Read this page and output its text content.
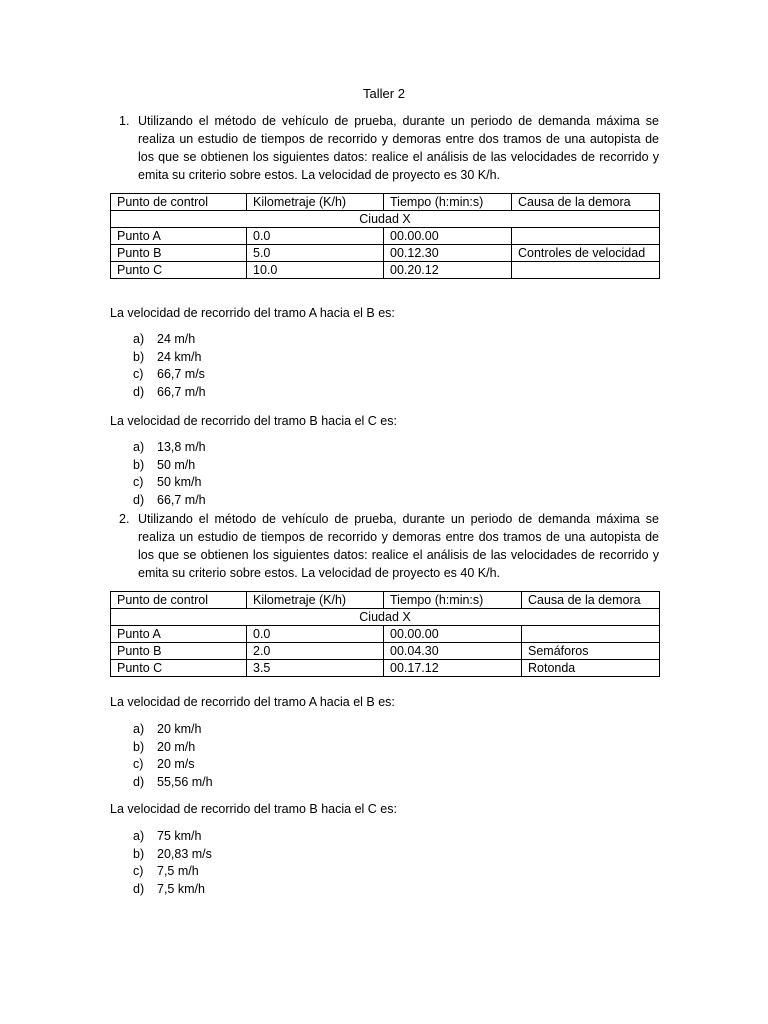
Taller 2
1. Utilizando el método de vehículo de prueba, durante un periodo de demanda máxima se realiza un estudio de tiempos de recorrido y demoras entre dos tramos de una autopista de los que se obtienen los siguientes datos: realice el análisis de las velocidades de recorrido y emita su criterio sobre estos. La velocidad de proyecto es 30 K/h.
Punto de control	Kilometraje (K/h)	Tiempo (h:min:s)	Causa de la demora
Ciudad X			
Punto A	0.0	00.00.00	
Punto B	5.0	00.12.30	Controles de velocidad
Punto C	10.0	00.20.12	
La velocidad de recorrido del tramo A hacia el B es:
a) 24 m/h
b) 24 km/h
c) 66,7 m/s
d) 66,7 m/h
La velocidad de recorrido del tramo B hacia el C es:
a) 13,8 m/h
b) 50 m/h
c) 50 km/h
d) 66,7 m/h
2. Utilizando el método de vehículo de prueba, durante un periodo de demanda máxima se realiza un estudio de tiempos de recorrido y demoras entre dos tramos de una autopista de los que se obtienen los siguientes datos: realice el análisis de las velocidades de recorrido y emita su criterio sobre estos. La velocidad de proyecto es 40 K/h.
Punto de control	Kilometraje (K/h)	Tiempo (h:min:s)	Causa de la demora
Ciudad X			
Punto A	0.0	00.00.00	
Punto B	2.0	00.04.30	Semáforos
Punto C	3.5	00.17.12	Rotonda
La velocidad de recorrido del tramo A hacia el B es:
a) 20 km/h
b) 20 m/h
c) 20 m/s
d) 55,56 m/h
La velocidad de recorrido del tramo B hacia el C es:
a) 75 km/h
b) 20,83 m/s
c) 7,5 m/h
d) 7,5 km/h
